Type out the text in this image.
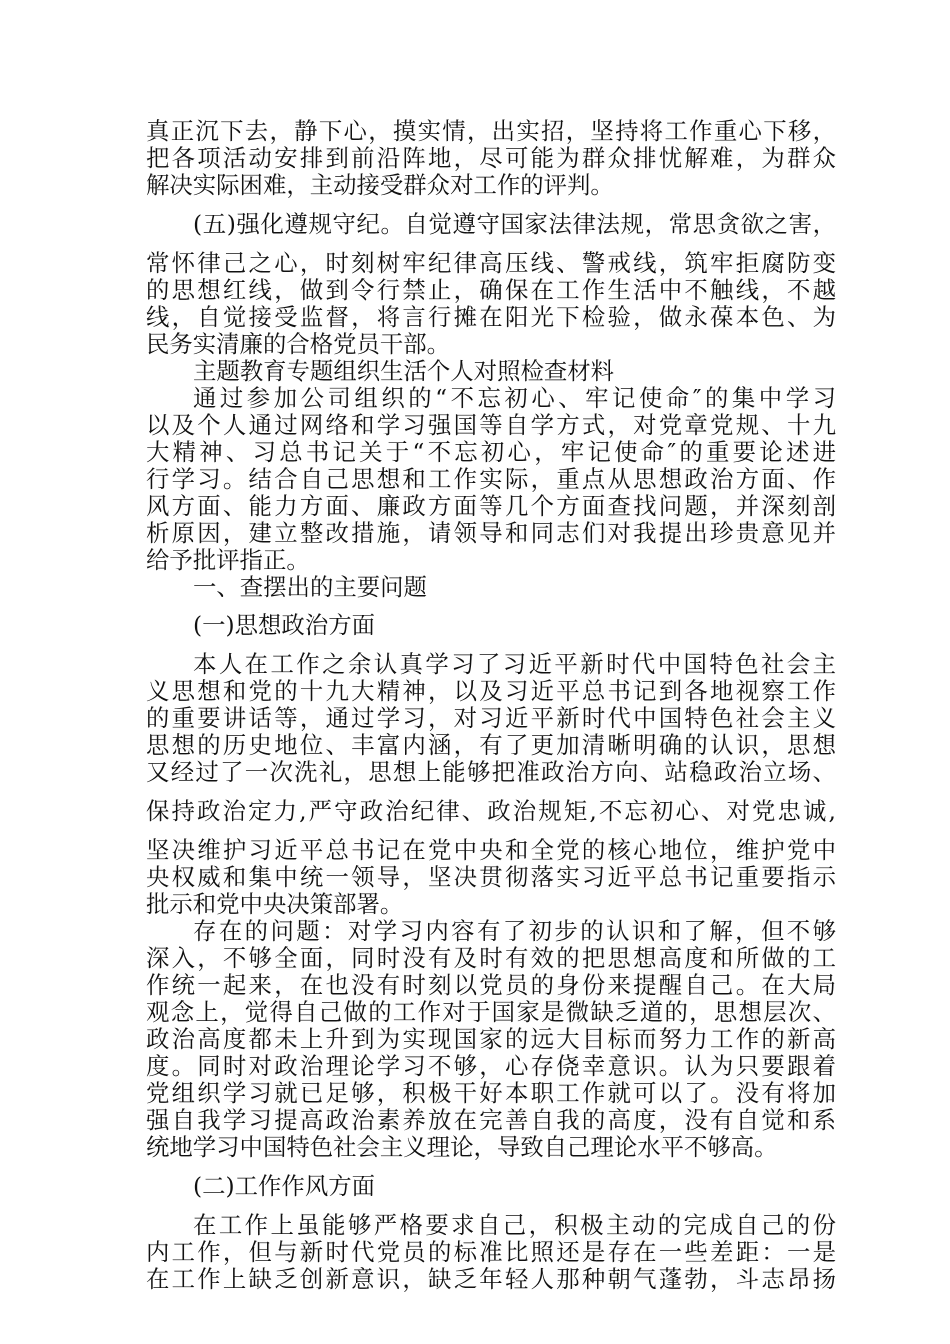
真正沉下去，静下心，摸实情，出实招，坚持将工作重心下移，
把各项活动安排到前沿阵地，尽可能为群众排忧解难，为群众
解决实际困难，主动接受群众对工作的评判。
(五)强化遵规守纪。自觉遵守国家法律法规，常思贪欲之害，
常怀律己之心，时刻树牢纪律高压线、警戒线，筑牢拒腐防变
的思想红线，做到令行禁止，确保在工作生活中不触线，不越
线，自觉接受监督，将言行摊在阳光下检验，做永葆本色、为
民务实清廉的合格党员干部。
主题教育专题组织生活个人对照检查材料
通过参加公司组织的“不忘初心、牢记使命″的集中学习
以及个人通过网络和学习强国等自学方式，对党章党规、十九
大精神、习总书记关于“不忘初心，牢记使命″的重要论述进
行学习。结合自己思想和工作实际，重点从思想政治方面、作
风方面、能力方面、廉政方面等几个方面查找问题，并深刻剖
析原因，建立整改措施，请领导和同志们对我提出珍贵意见并
给予批评指正。
一、查摆出的主要问题
(一)思想政治方面
本人在工作之余认真学习了习近平新时代中国特色社会主
义思想和党的十九大精神，以及习近平总书记到各地视察工作
的重要讲话等，通过学习，对习近平新时代中国特色社会主义
思想的历史地位、丰富内涵，有了更加清晰明确的认识，思想
又经过了一次洗礼，思想上能够把准政治方向、站稳政治立场、
保持政治定力,严守政治纪律、政治规矩,不忘初心、对党忠诚,
坚决维护习近平总书记在党中央和全党的核心地位，维护党中
央权威和集中统一领导，坚决贯彻落实习近平总书记重要指示
批示和党中央决策部署。
存在的问题：对学习内容有了初步的认识和了解，但不够
深入，不够全面，同时没有及时有效的把思想高度和所做的工
作统一起来，在也没有时刻以党员的身份来提醒自己。在大局
观念上，觉得自己做的工作对于国家是微缺乏道的，思想层次、
政治高度都未上升到为实现国家的远大目标而努力工作的新高
度。同时对政治理论学习不够，心存侥幸意识。认为只要跟着
党组织学习就已足够，积极干好本职工作就可以了。没有将加
强自我学习提高政治素养放在完善自我的高度，没有自觉和系
统地学习中国特色社会主义理论，导致自己理论水平不够高。
(二)工作作风方面
在工作上虽能够严格要求自己，积极主动的完成自己的份
内工作，但与新时代党员的标准比照还是存在一些差距：一是
在工作上缺乏创新意识，缺乏年轻人那种朝气蓬勃，斗志昂扬
